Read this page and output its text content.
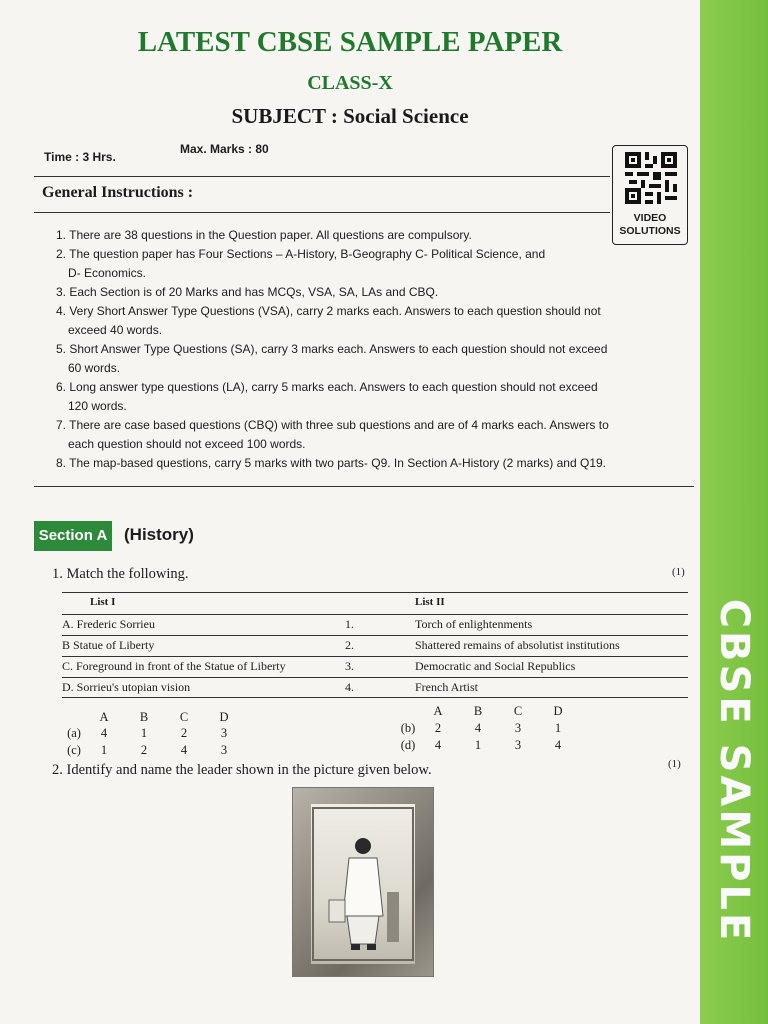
LATEST CBSE SAMPLE PAPER
CLASS-X
SUBJECT : Social Science
Time : 3 Hrs.
Max. Marks : 80
VIDEO
SOLUTIONS
General Instructions :
1. There are 38 questions in the Question paper. All questions are compulsory.
2. The question paper has Four Sections – A-History, B-Geography C- Political Science, and
D- Economics.
3. Each Section is of 20 Marks and has MCQs, VSA, SA, LAs and CBQ.
4. Very Short Answer Type Questions (VSA), carry 2 marks each. Answers to each question should not
exceed 40 words.
5. Short Answer Type Questions (SA), carry 3 marks each. Answers to each question should not exceed
60 words.
6. Long answer type questions (LA), carry 5 marks each. Answers to each question should not exceed
120 words.
7. There are case based questions (CBQ) with three sub questions and are of 4 marks each. Answers to
each question should not exceed 100 words.
8. The map-based questions, carry 5 marks with two parts- Q9. In Section A-History (2 marks) and Q19.
Section A (History)
1. Match the following.	(1)
List I	List II
A. Frederic Sorrieu	1.	Torch of enlightenments
B Statue of Liberty	2.	Shattered remains of absolutist institutions
C. Foreground in front of the Statue of Liberty	3.	Democratic and Social Republics
D. Sorrieu's utopian vision	4.	French Artist
A	B	C	D
(a) 4	1	2	3
(c) 1	2	4	3
A	B	C	D
(b) 2	4	3	1
(d) 4	1	3	4
2. Identify and name the leader shown in the picture given below.	(1) CBSE SAMPLE
